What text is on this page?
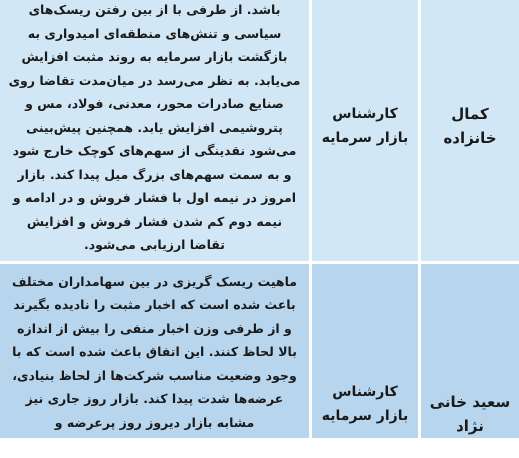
کمال خانزاده	کارشناس بازار سرمایه	باشد. از طرفی با از بین رفتن ریسک‌های سیاسی و تنش‌های منطقه‌ای امیدواری به بازگشت بازار سرمایه به روند مثبت افزایش می‌یابد. به نظر می‌رسد در میان‌مدت تقاضا روی صنایع صادرات محور، معدنی، فولاد، مس و پتروشیمی افزایش یابد. همچنین پیش‌بینی می‌شود نقدینگی از سهم‌های کوچک خارج شود و به سمت سهم‌های بزرگ میل پیدا کند. بازار امروز در نیمه اول با فشار فروش و در ادامه و نیمه دوم کم شدن فشار فروش و افزایش تقاضا ارزیابی می‌شود.
سعید خانی نژاد	کارشناس بازار سرمایه	ماهیت ریسک گریزی در بین سهامداران مختلف باعث شده است که اخبار مثبت را نادیده بگیرند و از طرفی وزن اخبار منفی را بیش از اندازه بالا لحاظ کنند. این اتفاق باعث شده است که با وجود وضعیت مناسب شرکت‌ها از لحاظ بنیادی، عرضه‌ها شدت پیدا کند. بازار روز جاری نیز مشابه بازار دیروز روز پرعرضه و
